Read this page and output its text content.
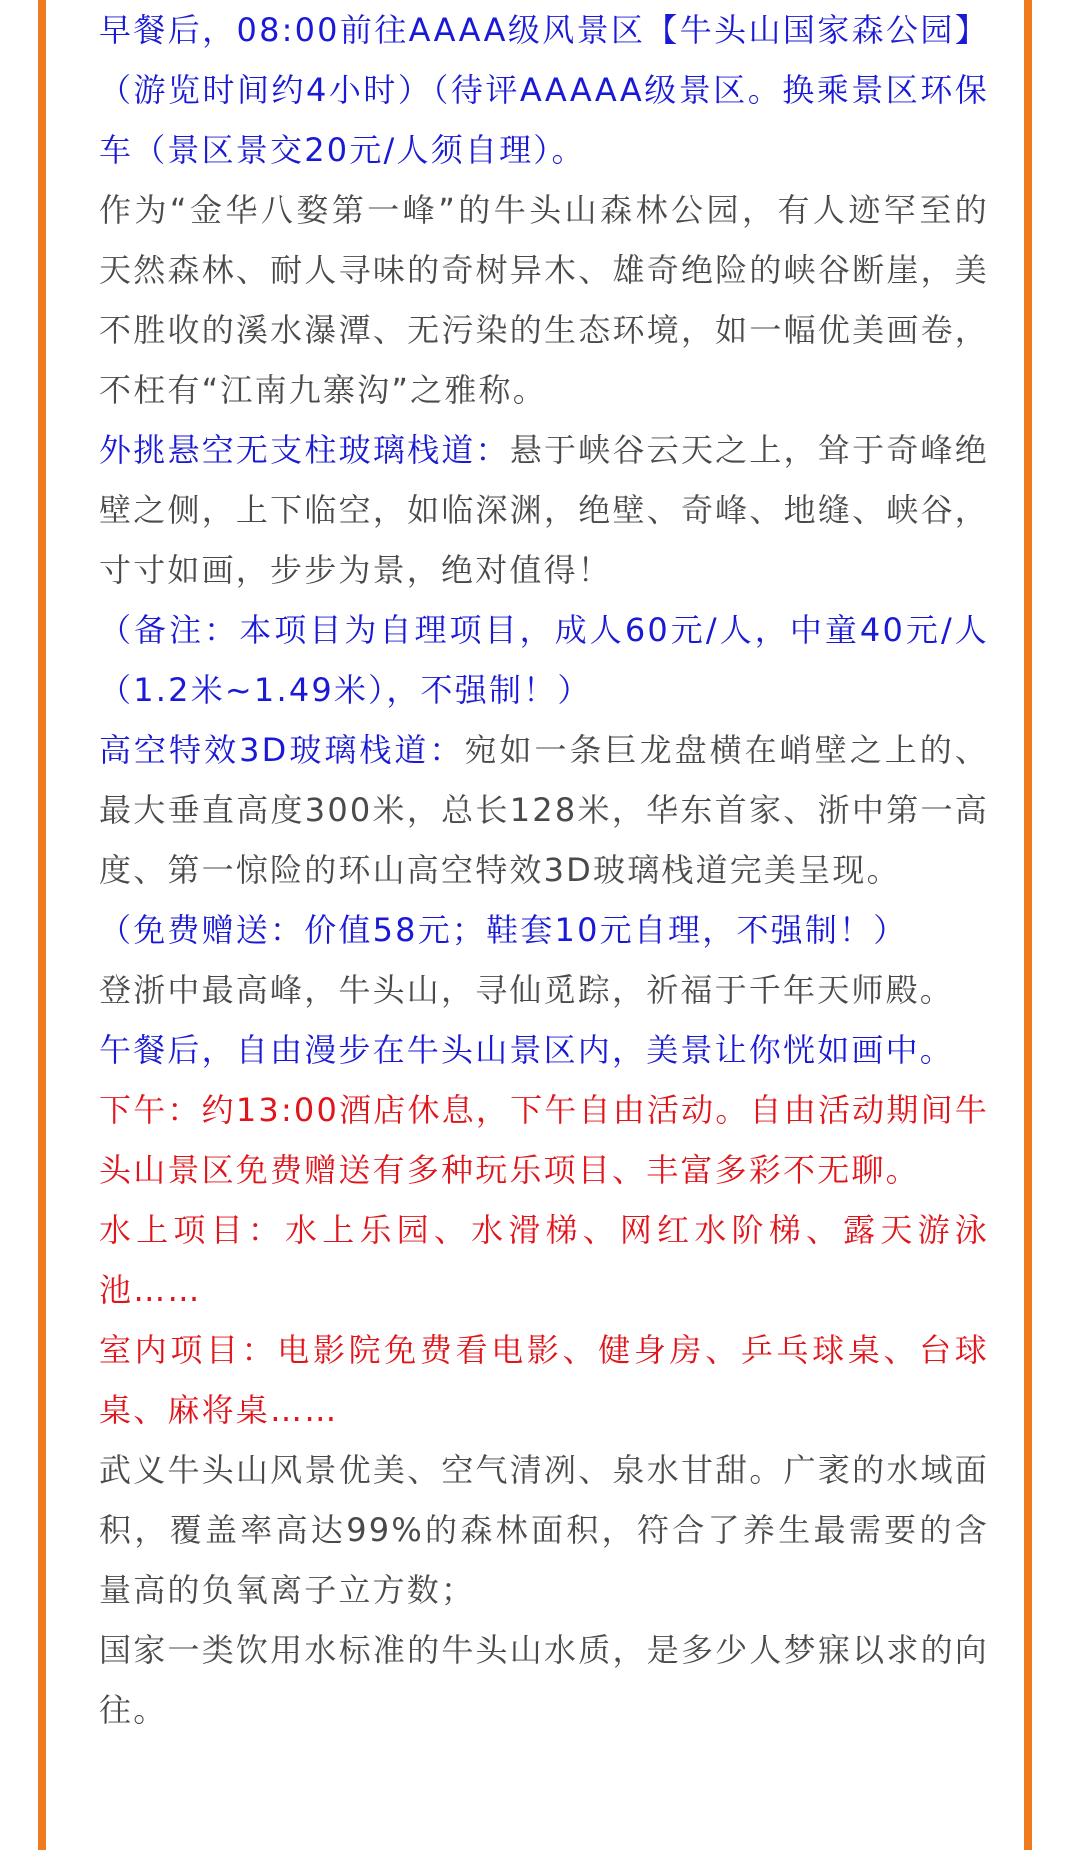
早餐后，08:00前往AAAA级风景区【牛头山国家森公园】（游览时间约4小时）（待评AAAAA级景区。换乘景区环保车（景区景交20元/人须自理）。

作为“金华八婺第一峰”的牛头山森林公园，有人迹罕至的天然森林、耐人寻味的奇树异木、雄奇绝险的峡谷断崖，美不胜收的溪水瀑潭、无污染的生态环境，如一幅优美画卷，不枉有“江南九寨沟”之雅称。

外挑悬空无支柱玻璃栈道：悬于峡谷云天之上，耸于奇峰绝壁之侧，上下临空，如临深渊，绝壁、奇峰、地缝、峡谷，寸寸如画，步步为景，绝对值得！

（备注：本项目为自理项目，成人60元/人，中童40元/人（1.2米~1.49米），不强制！）

高空特效3D玻璃栈道：宛如一条巨龙盘横在峭壁之上的、最大垂直高度300米，总长128米，华东首家、浙中第一高度、第一惊险的环山高空特效3D玻璃栈道完美呈现。

（免费赠送：价值58元；鞋套10元自理，不强制！）

登浙中最高峰，牛头山，寻仙觅踪，祈福于千年天师殿。

午餐后，自由漫步在牛头山景区内，美景让你恍如画中。

下午：约13:00酒店休息，下午自由活动。自由活动期间牛头山景区免费赠送有多种玩乐项目、丰富多彩不无聊。

水上项目：水上乐园、水滑梯、网红水阶梯、露天游泳池……

室内项目：电影院免费看电影、健身房、乒乓球桌、台球桌、麻将桌……

武义牛头山风景优美、空气清冽、泉水甘甜。广袤的水域面积，覆盖率高达99%的森林面积，符合了养生最需要的含量高的负氧离子立方数；

国家一类饮用水标准的牛头山水质，是多少人梦寐以求的向往。
